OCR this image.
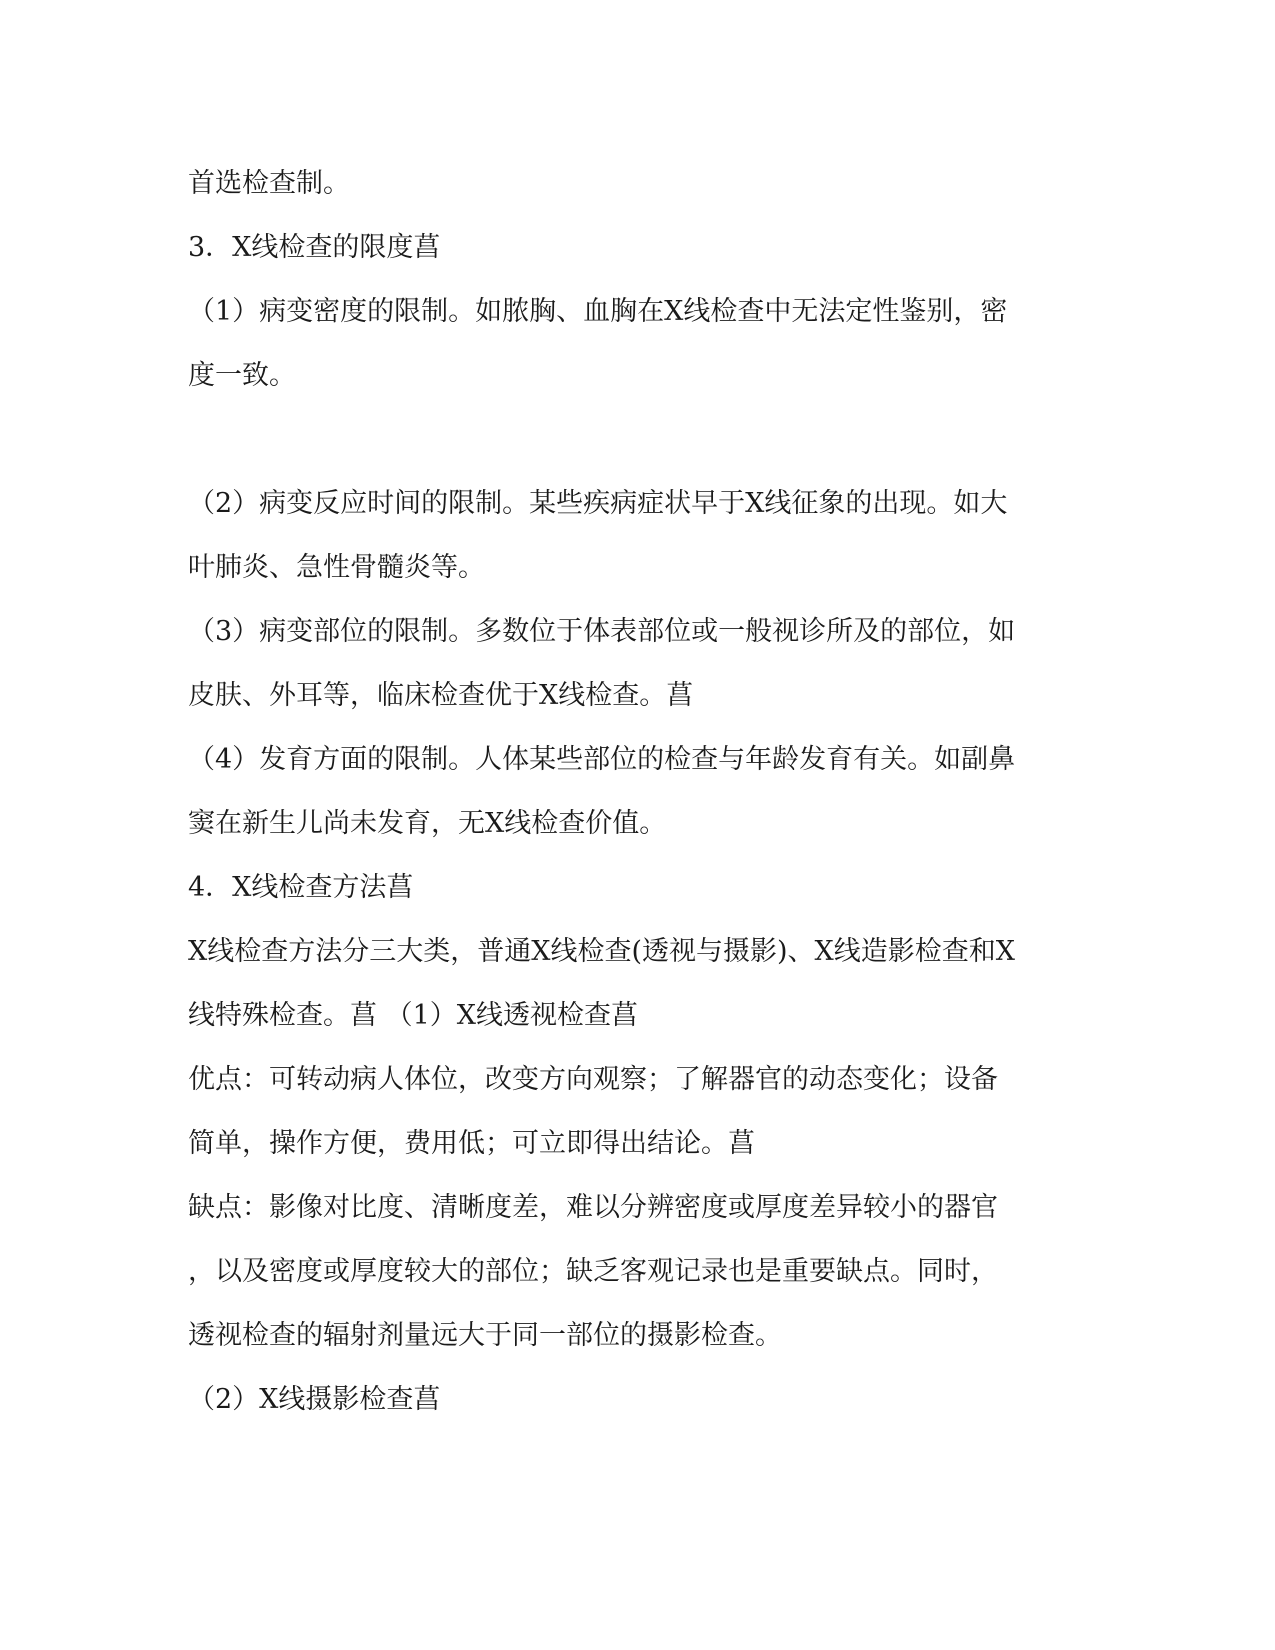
首选检查制。
3．X线检查的限度菖
（1）病变密度的限制。如脓胸、血胸在X线检查中无法定性鉴别，密
度一致。
（2）病变反应时间的限制。某些疾病症状早于X线征象的出现。如大
叶肺炎、急性骨髓炎等。
（3）病变部位的限制。多数位于体表部位或一般视诊所及的部位，如
皮肤、外耳等，临床检查优于X线检查。菖
（4）发育方面的限制。人体某些部位的检查与年龄发育有关。如副鼻
窦在新生儿尚未发育，无X线检查价值。
4．X线检查方法菖
X线检查方法分三大类，普通X线检查(透视与摄影)、X线造影检查和X
线特殊检查。菖 （1）X线透视检查菖
优点：可转动病人体位，改变方向观察；了解器官的动态变化；设备
简单，操作方便，费用低；可立即得出结论。菖
缺点：影像对比度、清晰度差，难以分辨密度或厚度差异较小的器官
，以及密度或厚度较大的部位；缺乏客观记录也是重要缺点。同时，
透视检查的辐射剂量远大于同一部位的摄影检查。
（2）X线摄影检查菖
